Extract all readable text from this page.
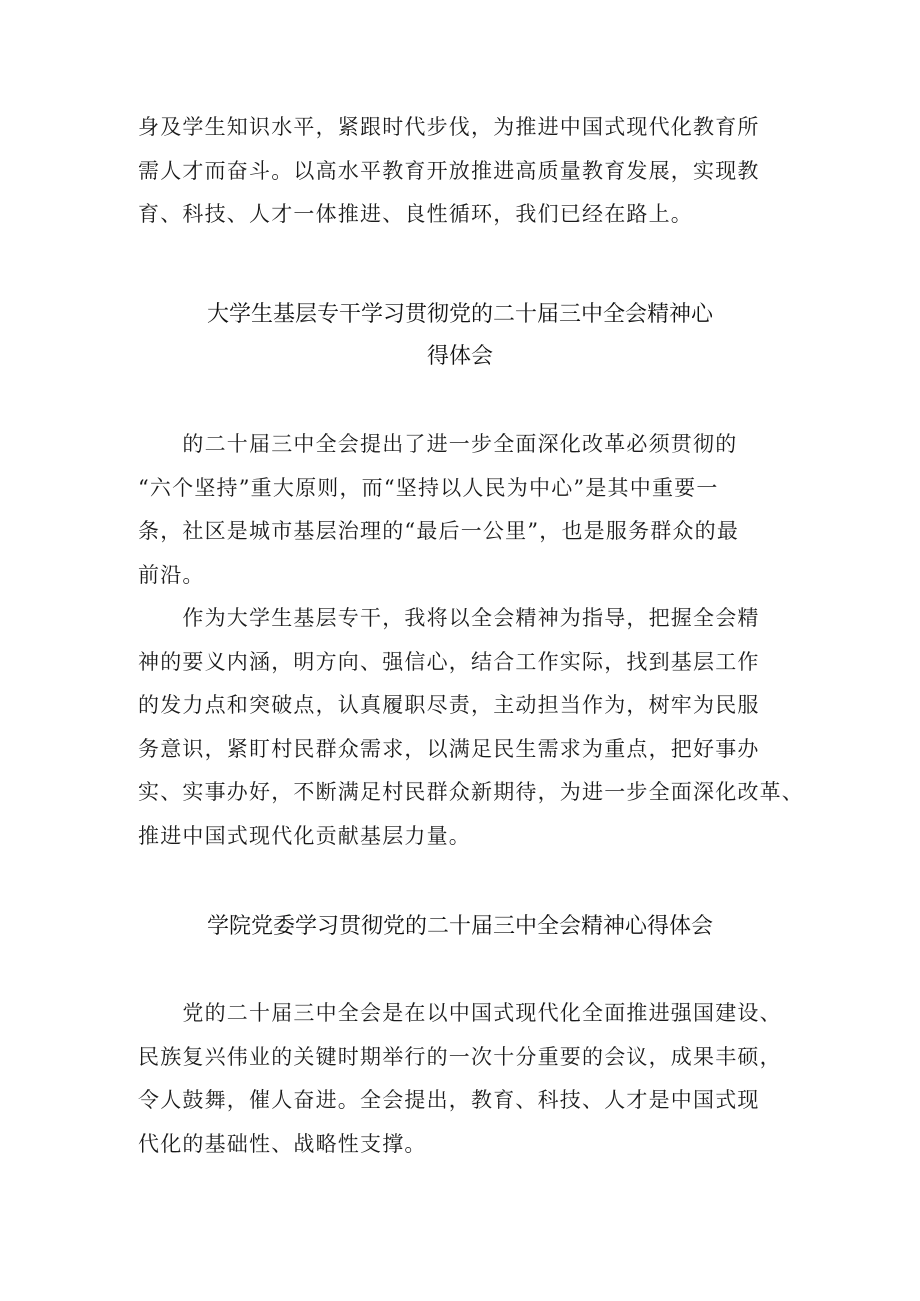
身及学生知识水平，紧跟时代步伐，为推进中国式现代化教育所
需人才而奋斗。以高水平教育开放推进高质量教育发展，实现教
育、科技、人才一体推进、良性循环，我们已经在路上。

大学生基层专干学习贯彻党的二十届三中全会精神心
得体会

　　的二十届三中全会提出了进一步全面深化改革必须贯彻的
“六个坚持”重大原则，而“坚持以人民为中心”是其中重要一
条，社区是城市基层治理的“最后一公里”，也是服务群众的最
前沿。

　　作为大学生基层专干，我将以全会精神为指导，把握全会精
神的要义内涵，明方向、强信心，结合工作实际，找到基层工作
的发力点和突破点，认真履职尽责，主动担当作为，树牢为民服
务意识，紧盯村民群众需求，以满足民生需求为重点，把好事办
实、实事办好，不断满足村民群众新期待，为进一步全面深化改革、
推进中国式现代化贡献基层力量。

学院党委学习贯彻党的二十届三中全会精神心得体会

　　党的二十届三中全会是在以中国式现代化全面推进强国建设、
民族复兴伟业的关键时期举行的一次十分重要的会议，成果丰硕，
令人鼓舞，催人奋进。全会提出，教育、科技、人才是中国式现
代化的基础性、战略性支撑。
